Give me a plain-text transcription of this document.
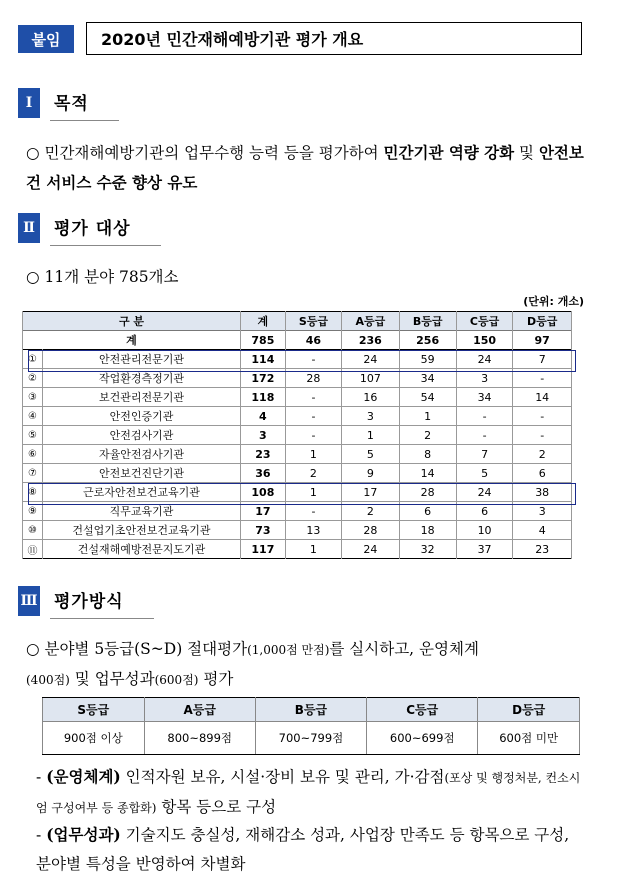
붙임	2020년 민간재해예방기관 평가 개요
Ⅰ	목적
○ 민간재해예방기관의 업무수행 능력 등을 평가하여 민간기관 역량 강화 및 안전보건 서비스 수준 향상 유도
Ⅱ 평가 대상
○ 11개 분야 785개소
(단위: 개소)
구 분		계	S등급	A등급	B등급	C등급	D등급
계		785	46	236	256	150	97
①	안전관리전문기관	114	-	24	59	24	7
②	작업환경측정기관	172	28	107	34	3	-
③	보건관리전문기관	118	-	16	54	34	14
④	안전인증기관	4	-	3	1	-	-
⑤	안전검사기관	3	-	1	2	-	-
⑥	자율안전검사기관	23	1	5	8	7	2
⑦	안전보건진단기관	36	2	9	14	5	6
⑧	근로자안전보건교육기관	108	1	17	28	24	38
⑨	직무교육기관	17	-	2	6	6	3
⑩	건설업기초안전보건교육기관	73	13	28	18	10	4
⑪	건설재해예방전문지도기관	117	1	24	32	37	23
Ⅲ 평가방식
○ 분야별 5등급(S~D) 절대평가(1,000점 만점)를 실시하고, 운영체계
(400점) 및 업무성과(600점) 평가
S등급	A등급	B등급	C등급	D등급
900점 이상	800~899점	700~799점	600~699점	600점 미만
- (운영체계) 인적자원 보유, 시설·장비 보유 및 관리, 가·감점(포상 및 행정처분, 컨소시엄 구성여부 등 종합화) 항목 등으로 구성
- (업무성과) 기술지도 충실성, 재해감소 성과, 사업장 만족도 등 항목으로 구성, 분야별 특성을 반영하여 차별화
